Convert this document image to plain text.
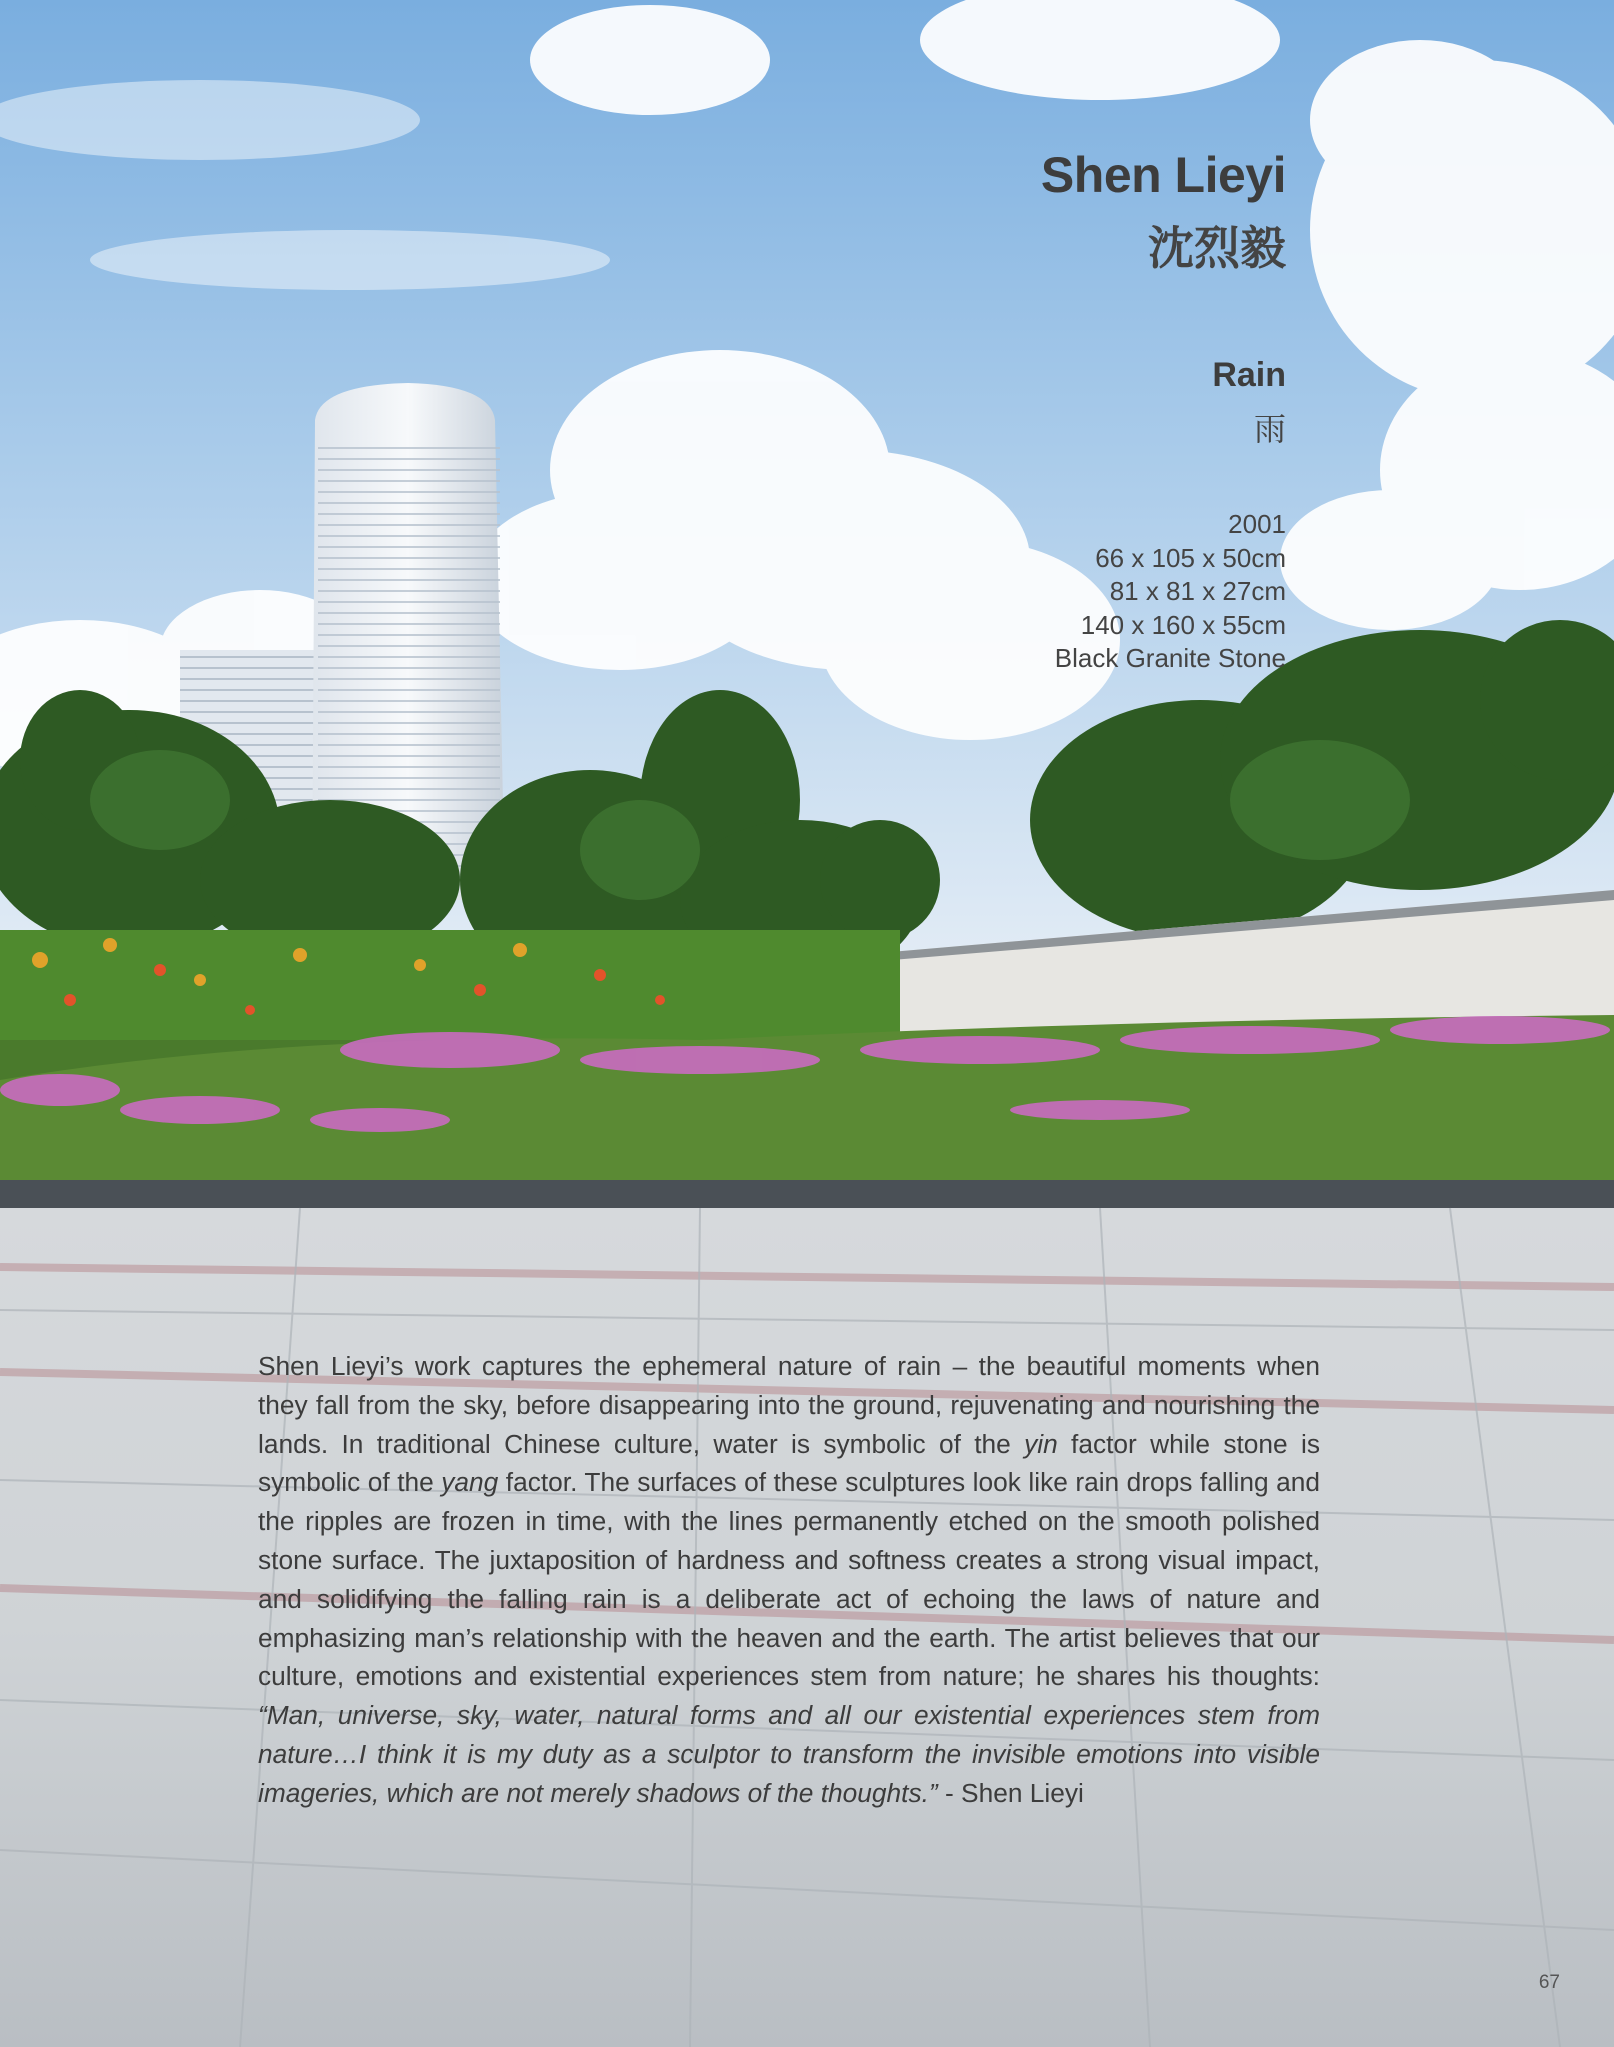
Shen Lieyi
沈烈毅
Rain
雨
2001
66 x 105 x 50cm
81 x 81 x 27cm
140 x 160 x 55cm
Black Granite Stone

Shen Lieyi’s work captures the ephemeral nature of rain – the beautiful moments when they fall from the sky, before disappearing into the ground, rejuvenating and nourishing the lands. In traditional Chinese culture, water is symbolic of the yin factor while stone is symbolic of the yang factor. The surfaces of these sculptures look like rain drops falling and the ripples are frozen in time, with the lines permanently etched on the smooth polished stone surface. The juxtaposition of hardness and softness creates a strong visual impact, and solidifying the falling rain is a deliberate act of echoing the laws of nature and emphasizing man’s relationship with the heaven and the earth. The artist believes that our culture, emotions and existential experiences stem from nature; he shares his thoughts: “Man, universe, sky, water, natural forms and all our existential experiences stem from nature…I think it is my duty as a sculptor to transform the invisible emotions into visible imageries, which are not merely shadows of the thoughts.” - Shen Lieyi

67
